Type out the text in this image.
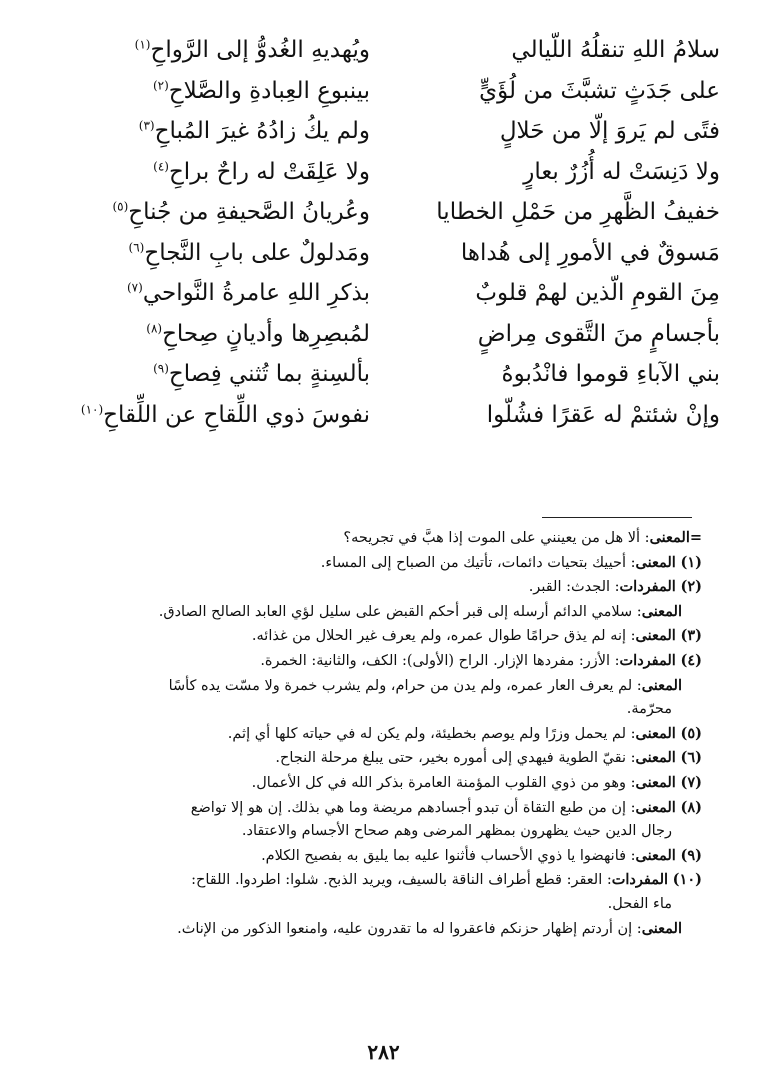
سلامُ اللهِ تنقلُهُ اللّيالي
ويُهديهِ الغُدوُّ إلى الرَّواحِ$^{(١)}$
على جَدَثٍ تشبَّثَ من لُؤَيٍّ
بينبوعِ العِبادةِ والصَّلاحِ$^{(٢)}$
فتًى لم يَروَ إلّا من حَلالٍ
ولم يكُ زادُهُ غيرَ المُباحِ$^{(٣)}$
ولا دَنِسَتْ له أُزُرٌ بعارٍ
ولا عَلِقَتْ له راحٌ براحِ$^{(٤)}$
خفيفُ الظَّهرِ من حَمْلِ الخطايا
وعُريانُ الصَّحيفةِ من جُناحِ$^{(٥)}$
مَسوقٌ في الأمورِ إلى هُداها
ومَدلولٌ على بابِ النَّجاحِ$^{(٦)}$
مِنَ القومِ الّذين لهمْ قلوبٌ
بذكرِ اللهِ عامرةُ النَّواحي$^{(٧)}$
بأجسامٍ منَ التَّقوى مِراضٍ
لمُبصِرِها وأديانٍ صِحاحِ$^{(٨)}$
بني الآباءِ قوموا فانْدُبوهُ
بألسِنةٍ بما تُثني فِصاحِ$^{(٩)}$
وإنْ شئتمْ له عَقرًا فشُلّوا
نفوسَ ذوي اللِّقاحِ عن اللِّقاحِ$^{(١٠)}$
=المعنى: ألا هل من يعينني على الموت إذا هبَّ في تجريحه؟
(١) المعنى: أحييك بتحيات دائمات، تأتيك من الصباح إلى المساء.
(٢) المفردات: الجدث: القبر.
المعنى: سلامي الدائم أرسله إلى قبر أحكم القبض على سليل لؤي العابد الصالح الصادق.
(٣) المعنى: إنه لم يذق حرامًا طوال عمره، ولم يعرف غير الحلال من غذائه.
(٤) المفردات: الأزر: مفردها الإزار. الراح (الأولى): الكف، والثانية: الخمرة.
المعنى: لم يعرف العار عمره، ولم يدن من حرام، ولم يشرب خمرة ولا مسّت يده كأسًا
محرّمة.
(٥) المعنى: لم يحمل وزرًا ولم يوصم بخطيئة، ولم يكن له في حياته كلها أي إثم.
(٦) المعنى: نقيّ الطوية فيهدي إلى أموره بخير، حتى يبلغ مرحلة النجاح.
(٧) المعنى: وهو من ذوي القلوب المؤمنة العامرة بذكر الله في كل الأعمال.
(٨) المعنى: إن من طبع التقاة أن تبدو أجسادهم مريضة وما هي بذلك. إن هو إلا تواضع
رجال الدين حيث يظهرون بمظهر المرضى وهم صحاح الأجسام والاعتقاد.
(٩) المعنى: فانهضوا يا ذوي الأحساب فأثنوا عليه بما يليق به بفصيح الكلام.
(١٠) المفردات: العقر: قطع أطراف الناقة بالسيف، ويريد الذبح. شلوا: اطردوا. اللقاح:
ماء الفحل.
المعنى: إن أردتم إظهار حزنكم فاعقروا له ما تقدرون عليه، وامنعوا الذكور من الإناث.
٢٨٢
